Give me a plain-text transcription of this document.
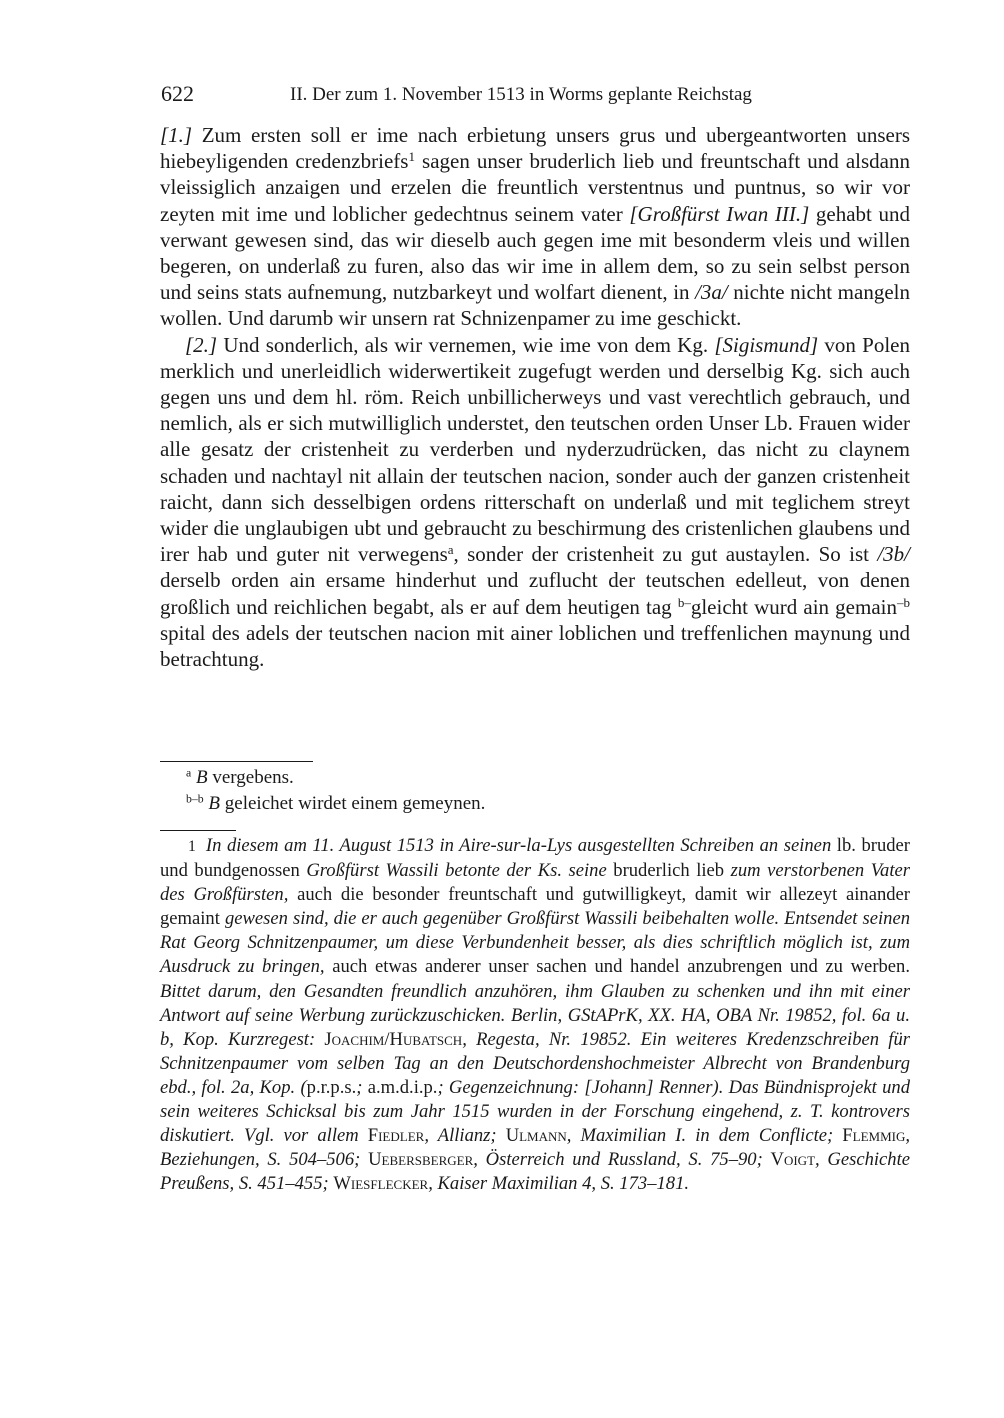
622	II. Der zum 1. November 1513 in Worms geplante Reichstag

[1.] Zum ersten soll er ime nach erbietung unsers grus und ubergeantworten unsers hiebeyligenden credenzbriefs$^1$ sagen unser bruderlich lieb und freuntschaft und alsdann vleissiglich anzaigen und erzelen die freuntlich verstentnus und puntnus, so wir vor zeyten mit ime und loblicher gedechtnus seinem vater [Großfürst Iwan III.] gehabt und verwant gewesen sind, das wir dieselb auch gegen ime mit besonderm vleis und willen begeren, on underlaß zu furen, also das wir ime in allem dem, so zu sein selbst person und seins stats aufnemung, nutzbarkeyt und wolfart dienent, in /3a/ nichte nicht mangeln wollen. Und darumb wir unsern rat Schnizenpamer zu ime geschickt.

[2.] Und sonderlich, als wir vernemen, wie ime von dem Kg. [Sigismund] von Polen merklich und unerleidlich widerwertikeit zugefugt werden und derselbig Kg. sich auch gegen uns und dem hl. röm. Reich unbillicherweys und vast verechtlich gebrauch, und nemlich, als er sich mutwilliglich understet, den teutschen orden Unser Lb. Frauen wider alle gesatz der cristenheit zu verderben und nyderzudrücken, das nicht zu claynem schaden und nachtayl nit allain der teutschen nacion, sonder auch der ganzen cristenheit raicht, dann sich desselbigen ordens ritterschaft on underlaß und mit teglichem streyt wider die unglaubigen ubt und gebraucht zu beschirmung des cristenlichen glaubens und irer hab und guter nit verwegens$^a$, sonder der cristenheit zu gut austaylen. So ist /3b/ derselb orden ain ersame hinderhut und zuflucht der teutschen edelleut, von denen großlich und reichlichen begabt, als er auf dem heutigen tag $^{b-}$gleicht wurd ain gemain$^{-b}$ spital des adels der teutschen nacion mit ainer loblichen und treffenlichen maynung und betrachtung.

$^a$ B vergebens.

$^{b-b}$ B geleichet wirdet einem gemeynen.

1 In diesem am 11. August 1513 in Aire-sur-la-Lys ausgestellten Schreiben an seinen lb. bruder und bundgenossen Großfürst Wassili betonte der Ks. seine bruderlich lieb zum verstorbenen Vater des Großfürsten, auch die besonder freuntschaft und gutwilligkeyt, damit wir allezeyt ainander gemaint gewesen sind, die er auch gegenüber Großfürst Wassili beibehalten wolle. Entsendet seinen Rat Georg Schnitzenpaumer, um diese Verbundenheit besser, als dies schriftlich möglich ist, zum Ausdruck zu bringen, auch etwas anderer unser sachen und handel anzubrengen und zu werben. Bittet darum, den Gesandten freundlich anzuhören, ihm Glauben zu schenken und ihn mit einer Antwort auf seine Werbung zurückzuschicken. Berlin, GStAPrK, XX. HA, OBA Nr. 19852, fol. 6a u. b, Kop. Kurzregest: Joachim/Hubatsch, Regesta, Nr. 19852. Ein weiteres Kredenzschreiben für Schnitzenpaumer vom selben Tag an den Deutschordenshochmeister Albrecht von Brandenburg ebd., fol. 2a, Kop. (p.r.p.s.; a.m.d.i.p.; Gegenzeichnung: [Johann] Renner). Das Bündnisprojekt und sein weiteres Schicksal bis zum Jahr 1515 wurden in der Forschung eingehend, z. T. kontrovers diskutiert. Vgl. vor allem Fiedler, Allianz; Ulmann, Maximilian I. in dem Conflicte; Flemmig, Beziehungen, S. 504–506; Uebersberger, Österreich und Russland, S. 75–90; Voigt, Geschichte Preußens, S. 451–455; Wiesflecker, Kaiser Maximilian 4, S. 173–181.
